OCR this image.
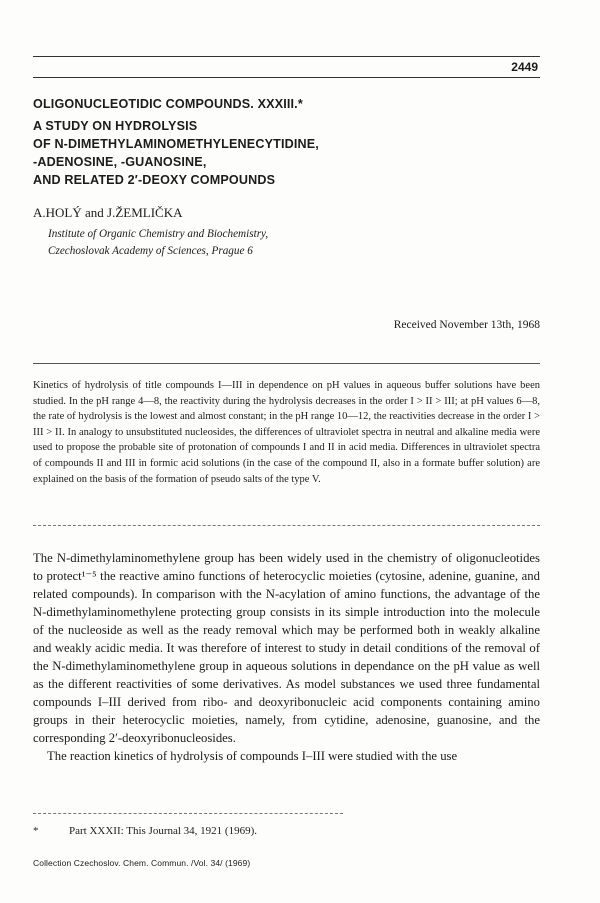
2449
OLIGONUCLEOTIDIC COMPOUNDS. XXXIII.*
A STUDY ON HYDROLYSIS
OF N-DIMETHYLAMINOMETHYLENECYTIDINE,
-ADENOSINE, -GUANOSINE,
AND RELATED 2′-DEOXY COMPOUNDS
A.HOLÝ and J.ŽEMLIČKA
Institute of Organic Chemistry and Biochemistry,
Czechoslovak Academy of Sciences, Prague 6
Received November 13th, 1968
Kinetics of hydrolysis of title compounds I—III in dependence on pH values in aqueous buffer solutions have been studied. In the pH range 4—8, the reactivity during the hydrolysis decreases in the order I > II > III; at pH values 6—8, the rate of hydrolysis is the lowest and almost constant; in the pH range 10—12, the reactivities decrease in the order I > III > II. In analogy to unsubstituted nucleosides, the differences of ultraviolet spectra in neutral and alkaline media were used to propose the probable site of protonation of compounds I and II in acid media. Differences in ultraviolet spectra of compounds II and III in formic acid solutions (in the case of the compound II, also in a formate buffer solution) are explained on the basis of the formation of pseudo salts of the type V.

The N-dimethylaminomethylene group has been widely used in the chemistry of oligonucleotides to protect¹⁻⁵ the reactive amino functions of heterocyclic moieties (cytosine, adenine, guanine, and related compounds). In comparison with the N-acylation of amino functions, the advantage of the N-dimethylaminomethylene protecting group consists in its simple introduction into the molecule of the nucleoside as well as the ready removal which may be performed both in weakly alkaline and weakly acidic media. It was therefore of interest to study in detail conditions of the removal of the N-dimethylaminomethylene group in aqueous solutions in dependance on the pH value as well as the different reactivities of some derivatives. As model substances we used three fundamental compounds I–III derived from ribo- and deoxyribonucleic acid components containing amino groups in their heterocyclic moieties, namely, from cytidine, adenosine, guanosine, and the corresponding 2′-deoxyribonucleosides.

The reaction kinetics of hydrolysis of compounds I–III were studied with the use

*	Part XXXII: This Journal 34, 1921 (1969).
Collection Czechoslov. Chem. Commun. /Vol. 34/ (1969)
